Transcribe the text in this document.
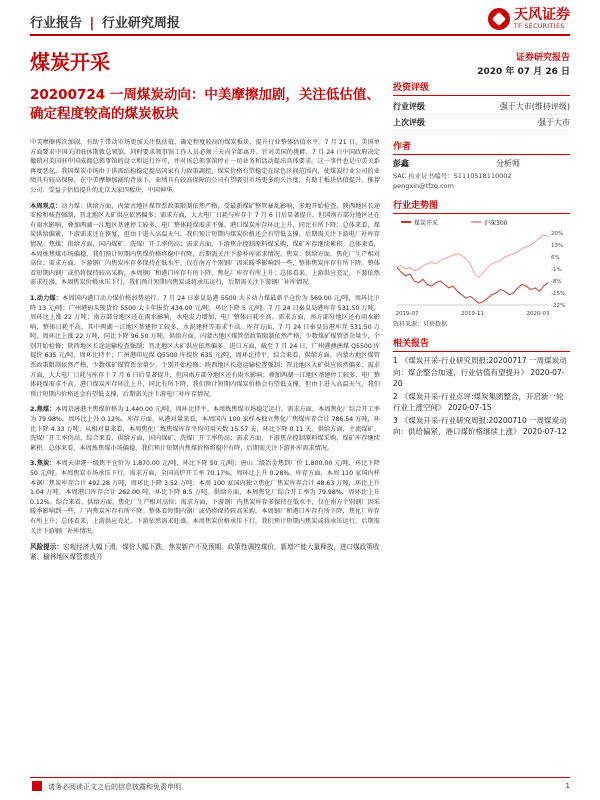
行业报告 | 行业研究周报
天风证券
TF SECURITIES
煤炭开采	证券研究报告
2020 年 07 月 26 日
20200724 一周煤炭动向：中美摩擦加剧，关注低估值、确定程度较高的煤炭板块

中美摩擦再次加剧，有助于带动市场更加关注低估值、确定程度较高的煤炭板块，提升行业整体估值水平。7 月 21 日，美国单方面要求中国关闭驻休斯敦总领馆，同时要求领事馆工作人员必须三天内全部离开。针对美国的挑衅，7 月 24 日中国政府决定撤销对美国驻中国成都总领事馆的设立和运行许可，并对该总领事馆停止一切业务和活动提出具体要求。这一事件也是中美关系再度恶化，我国煤炭市场由于供需结构稳定提高国家有力政策調控，煤炭价格有望稳定在绿色区间范围内，使煤炭行业公司的业绩具有较高保障。在中美摩擦加剧的背景下，业绩具有较高保障的公司有望吸引市场更多的关注度，有助于板块估值提升。推荐公司：受益于估值提升的北京大家四板块、中国神华。

本周观点：动力煤：供给方面，内蒙古地区煤管票政策限制依然严格，受最新煤矿整管暴乱影响，多地开始检查，陕西地区长途安检和核查强制，晋北地区大矿供应依然偏多；需求方面，大大电厂日耗与库存于 7 月 6 日后显著提升，但国南方部分地区还在有雨水影响，叠加两湖一江地区基建停工较多，电厂整体耗煤需求不强。港口煤炭库存环比上升，同比有所下降；总体来看，煤炭供给偏紧，下游需求还在恢复，但由于进入高温天气，我们预计短期内煤炭价格还会有望低支撑。后期需关注下游电厂补库存情况。焦煤：供给方面，国内煤矿、洗煤厂开工率仍高；需求方面，下游焦企控制原料煤采购，煤矿库存继续累积。总体来看，本周炼焦煤市场偏稳，我们预计短期内焦煤价格将稳中有降，后期需关注下游补库需求情况。焦炭：供给方面，焦化厂生产相对高位；需求方面，下游钢厂内焦炭库存多保持在低水平，仅在南方个别钢厂因采暖季影响到一些，整体焦炭库存有所下降。整体看短期内钢厂或仍将保持较高采购，本周钢厂和港口库存有所下降，焦化厂库存有所上升；总体看来，上游供应充足，下游依然需求旺盛。本周焦炭价格承压下行，我们预计短期内焦炭或将承压运行，后期需关注下游钢厂补库情况。

1.动力煤：本周国内港口动力煤价格弱势运行。7 月 24 日秦皇岛港 5500 大卡动力煤最新平仓价为 569.00 元/吨，周环比下降 13 元/吨；广州港码头现货价 5500 大卡年报价 434.00 元/吨，环比下降 5 元/吨。7 月 24 日秦皇岛港库存 531.50 万吨，周环比上涨 22 万吨；南方部分地区还在雨水影响，水电发力增加，电厂整体日耗不高。需求方面，南方部分地区还有雨水影响，整体日耗不高，其中两湖一江地区基建停工较多，水泥建材等需求不高。库存方面，7 月 24 日秦皇岛港库存 531.50 万吨，周环比上涨 22 万吨，同比下降 96.50 万吨。供给方面，内蒙古地区煤管票政策限制依然严格，少数煤矿煤管票余量少，个别开始检修；陕西地区长途运输检查强制；晋北地区大矿供应依然偏多。进口方面，截至 7 月 24 日，广州港澳洲煤 Q5500 库提价 635 元/吨，周环比持平；广州港印尼煤 Q5500 库提价 635 元/吨，周环比持平。综合来看，供给方面，内蒙古地区煤管票政策限制依然严格，少数煤矿煤管票余量少，个别开始检修；陕西地区长途运输检查强制；晋北地区大矿供应依然偏多；需求方面，大大电厂日耗与库存于 7 月 6 日后显著提升，但国南方部分地区还有雨水影响；叠加两湖一江地区基建停工较多，电厂整体耗煤需求不高。港口煤炭库存环比上升，同比有所下降，我们预计短期内煤炭价格会有望低支撑，但由于进入高温天气，我们预计短期内价格还会有望低支撑，后期需关注下游电厂补库存情况。

2.焦煤：本周京唐港主焦煤价格为 1,440.00 元/吨，周环比持平。本周炼焦煤市场稳定运行。需求方面，本周焦化厂综合开工率为 79.98%，周环比上升 0.12%。库存方面，从港对量来看，本周国内 100 家样本独立焦化厂焦煤库存合计 786.54 万吨，环比下降 4.33 万吨；从相对量来看，本周焦化厂炼焦煤库存平均可用天数 15.57 天，环比下降 0.11 天。供给方面，主流煤矿、洗煤厂开工率仍高。综合来看，供给方面，国内煤矿、洗煤厂开工率仍高；需求方面，下游焦企控制原料煤采购，煤矿库存继续累积。总体来看，本周炼焦煤市场偏稳，我们预计短期内焦煤价格将稳中有降，后期需关注下游补库需求情况。

3.焦炭：本周天津港一级焦平仓价为 1,870.00 元/吨，环比下降 50 元/吨；唐山二级冶金焦到厂价 1,800.00 元/吨，环比下降 50 元/吨。本周焦炭市场承压下行。需求方面，全国高炉开工率 70.17%，周环比上升 0.28%。库存方面，本周 110 家国内样本钢厂焦炭库存合计 492.28 万吨，周环比下降 3.52 万吨；本周 100 家国内独立焦化厂焦炭库存合计 48.63 万吨，环比上升 1.04 万吨，本周港口库存合计 262.00 吨，环比下降 8.5 万吨。供给方面，本周焦化厂综合开工率为 79.98%，周环比上升 0.12%。综合来看，供给方面，焦化厂生产相对高位；需求方面，下游钢厂内焦炭库存多保持在低水平，仅在南方个别钢厂因采暖季影响到一些，厂内焦炭库存有所下降。整体看短期内钢厂或仍将保持较高采购，本周钢厂和港口库存有所下降，焦化厂库存有所上升；总体看来，上游供应充足，下游依然需求旺盛。本周焦炭价格承压下行，我们预计短期内焦炭或将承压运行，后期需关注下游钢厂补库情况。

风险提示：宏观经济大幅下滑，煤价大幅下跌，焦炭新产不及预期。政策性调控煤价，新增产能大量释放，进口煤政策收紧、榆林地区煤管票放开

投资评级
行业评级	强于大市(维持评级)
上次评级	强于大市
作者
彭鑫	分析师
SAC 执业证书编号：S1110518110002
pengxin@tfzq.com
行业走势图
煤炭开采	沪深300
20%
13%
6%
-1%
-8%
-15%
-22%
2019-07	2019-11	2020-03
资料来源：贝格数据
相关报告
1 《煤炭开采-行业研究周报:20200717 一周煤炭动向：煤企整合加速，行业估值有望提升》 2020-07-20
2 《煤炭开采-行业点评:煤炭集团整合，开启新一轮行业上涨空间》 2020-07-15
3 《煤炭开采-行业研究周报:20200710 一周煤炭动向：供给偏紧，港口煤价格继续上涨》 2020-07-12
请务必阅读正文之后的信息披露和免责申明	1
